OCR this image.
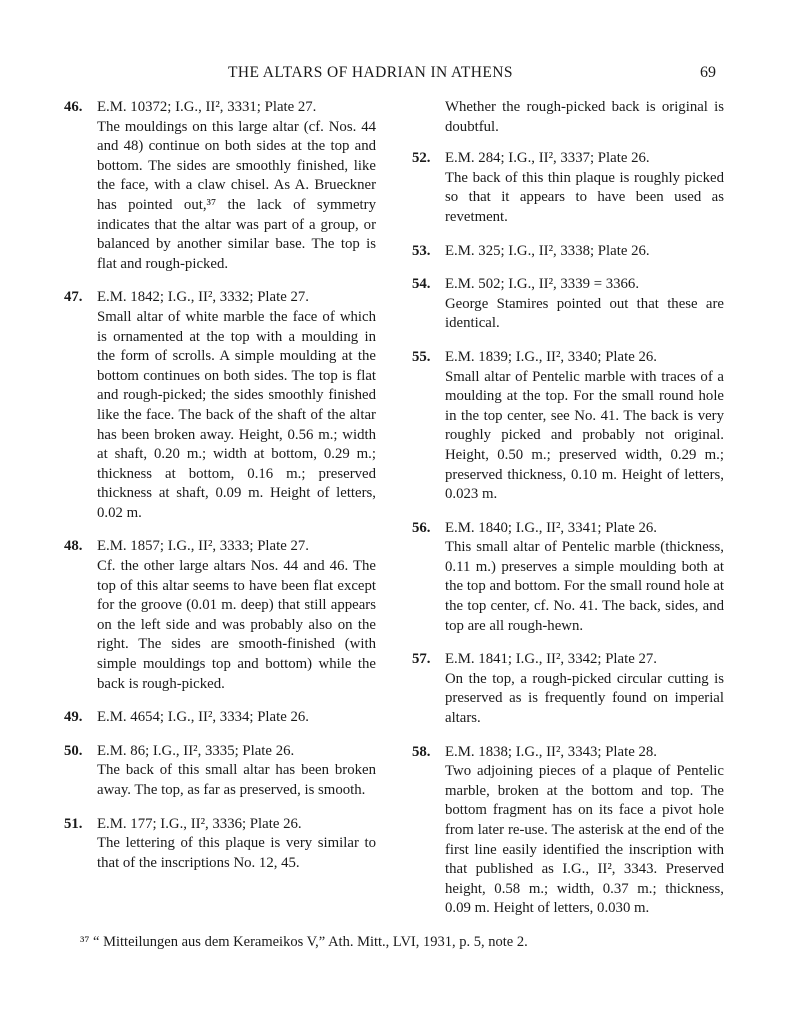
THE ALTARS OF HADRIAN IN ATHENS	69
46. E.M. 10372; I.G., II², 3331; Plate 27.
The mouldings on this large altar (cf. Nos. 44 and 48) continue on both sides at the top and bottom. The sides are smoothly finished, like the face, with a claw chisel. As A. Brueckner has pointed out,³⁷ the lack of symmetry indicates that the altar was part of a group, or balanced by another similar base. The top is flat and rough-picked.
47. E.M. 1842; I.G., II², 3332; Plate 27.
Small altar of white marble the face of which is ornamented at the top with a moulding in the form of scrolls. A simple moulding at the bottom continues on both sides. The top is flat and rough-picked; the sides smoothly finished like the face. The back of the shaft of the altar has been broken away. Height, 0.56 m.; width at shaft, 0.20 m.; width at bottom, 0.29 m.; thickness at bottom, 0.16 m.; preserved thickness at shaft, 0.09 m. Height of letters, 0.02 m.
48. E.M. 1857; I.G., II², 3333; Plate 27.
Cf. the other large altars Nos. 44 and 46. The top of this altar seems to have been flat except for the groove (0.01 m. deep) that still appears on the left side and was probably also on the right. The sides are smooth-finished (with simple mouldings top and bottom) while the back is rough-picked.
49. E.M. 4654; I.G., II², 3334; Plate 26.
50. E.M. 86; I.G., II², 3335; Plate 26.
The back of this small altar has been broken away. The top, as far as preserved, is smooth.
51. E.M. 177; I.G., II², 3336; Plate 26.
The lettering of this plaque is very similar to that of the inscriptions No. 12, 45.
Whether the rough-picked back is original is doubtful.
52. E.M. 284; I.G., II², 3337; Plate 26.
The back of this thin plaque is roughly picked so that it appears to have been used as revetment.
53. E.M. 325; I.G., II², 3338; Plate 26.
54. E.M. 502; I.G., II², 3339 = 3366.
George Stamires pointed out that these are identical.
55. E.M. 1839; I.G., II², 3340; Plate 26.
Small altar of Pentelic marble with traces of a moulding at the top. For the small round hole in the top center, see No. 41. The back is very roughly picked and probably not original. Height, 0.50 m.; preserved width, 0.29 m.; preserved thickness, 0.10 m. Height of letters, 0.023 m.
56. E.M. 1840; I.G., II², 3341; Plate 26.
This small altar of Pentelic marble (thickness, 0.11 m.) preserves a simple moulding both at the top and bottom. For the small round hole at the top center, cf. No. 41. The back, sides, and top are all rough-hewn.
57. E.M. 1841; I.G., II², 3342; Plate 27.
On the top, a rough-picked circular cutting is preserved as is frequently found on imperial altars.
58. E.M. 1838; I.G., II², 3343; Plate 28.
Two adjoining pieces of a plaque of Pentelic marble, broken at the bottom and top. The bottom fragment has on its face a pivot hole from later re-use. The asterisk at the end of the first line easily identified the inscription with that published as I.G., II², 3343. Preserved height, 0.58 m.; width, 0.37 m.; thickness, 0.09 m. Height of letters, 0.030 m.
³⁷ “ Mitteilungen aus dem Kerameikos V,” Ath. Mitt., LVI, 1931, p. 5, note 2.
